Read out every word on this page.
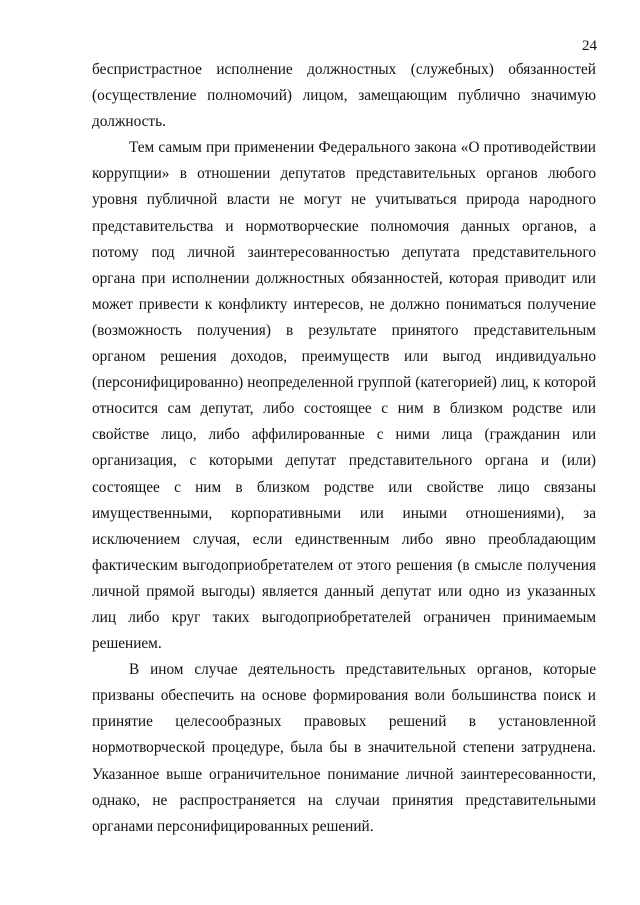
24

беспристрастное исполнение должностных (служебных) обязанностей (осуществление полномочий) лицом, замещающим публично значимую должность.

Тем самым при применении Федерального закона «О противодействии коррупции» в отношении депутатов представительных органов любого уровня публичной власти не могут не учитываться природа народного представительства и нормотворческие полномочия данных органов, а потому под личной заинтересованностью депутата представительного органа при исполнении должностных обязанностей, которая приводит или может привести к конфликту интересов, не должно пониматься получение (возможность получения) в результате принятого представительным органом решения доходов, преимуществ или выгод индивидуально (персонифицированно) неопределенной группой (категорией) лиц, к которой относится сам депутат, либо состоящее с ним в близком родстве или свойстве лицо, либо аффилированные с ними лица (гражданин или организация, с которыми депутат представительного органа и (или) состоящее с ним в близком родстве или свойстве лицо связаны имущественными, корпоративными или иными отношениями), за исключением случая, если единственным либо явно преобладающим фактическим выгодоприобретателем от этого решения (в смысле получения личной прямой выгоды) является данный депутат или одно из указанных лиц либо круг таких выгодоприобретателей ограничен принимаемым решением.

В ином случае деятельность представительных органов, которые призваны обеспечить на основе формирования воли большинства поиск и принятие целесообразных правовых решений в установленной нормотворческой процедуре, была бы в значительной степени затруднена. Указанное выше ограничительное понимание личной заинтересованности, однако, не распространяется на случаи принятия представительными органами персонифицированных решений.
